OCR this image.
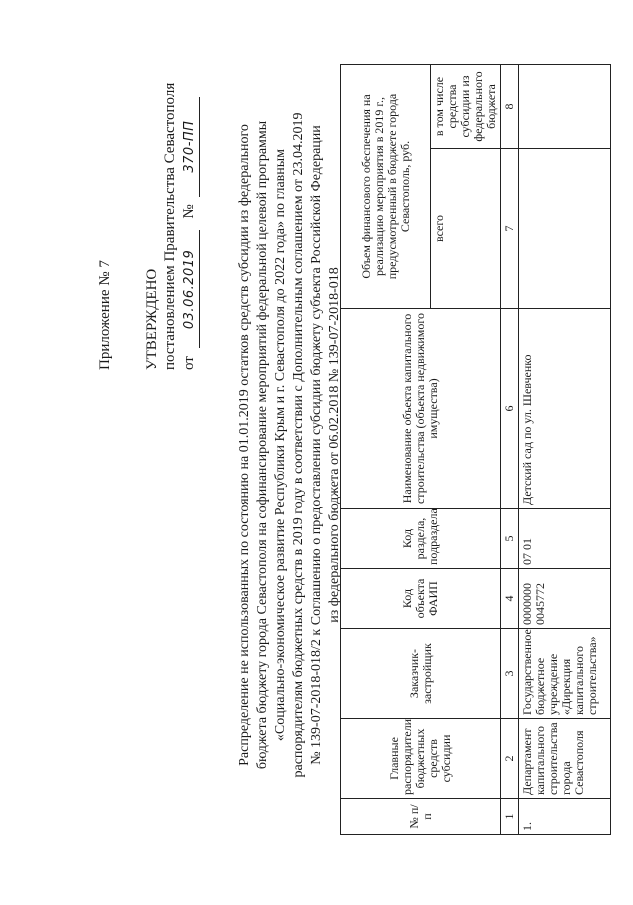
Приложение № 7 УТВЕРЖДЕНО постановлением Правительства Севастополя от 03.06.2019 № 370-ПП	Распределение не использованных по состоянию на 01.01.2019 остатков средств субсидии из федерального бюджета бюджету города Севастополя на софинансирование мероприятий федеральной целевой программы «Социально-экономическое развитие Республики Крым и г. Севастополя до 2022 года» по главным распорядителям бюджетных средств в 2019 году в соответствии с Дополнительным соглашением от 23.04.2019 № 139-07-2018-018/2 к Соглашению о предоставлении субсидии бюджету субъекта Российской Федерации из федерального бюджета от 06.02.2018 № 139-07-2018-018
№ п/п	Главные распорядители бюджетных средств субсидии	Заказчик-застройщик	Код объекта ФАИП	Код раздела, подраздела	Наименование объекта капитального строительства (объекта недвижимого имущества)	Объем финансового обеспечения на реализацию мероприятия в 2019 г., предусмотренный в бюджете города Севастополь, руб.	
						всего	в том числе средства субсидии из федерального бюджета
1	2	3	4	5	6	7	8
1.	Департамент капитального строительства города Севастополя	Государственное бюджетное учреждение «Дирекция капитального строительства»	0000000 0045772	07 01	Детский сад по ул. Шевченко		
